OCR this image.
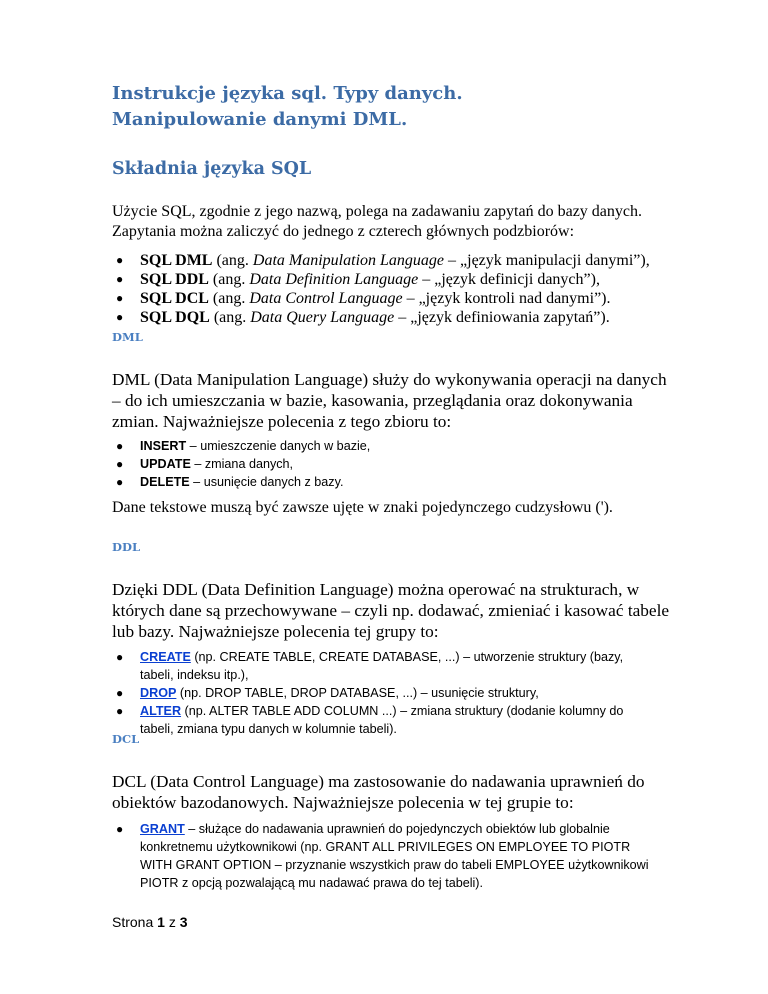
Instrukcje języka sql. Typy danych.
Manipulowanie danymi DML.
Składnia języka SQL
Użycie SQL, zgodnie z jego nazwą, polega na zadawaniu zapytań do bazy danych. Zapytania można zaliczyć do jednego z czterech głównych podzbiorów:
● SQL DML (ang. Data Manipulation Language – „język manipulacji danymi”),
● SQL DDL (ang. Data Definition Language – „język definicji danych”),
● SQL DCL (ang. Data Control Language – „język kontroli nad danymi”).
● SQL DQL (ang. Data Query Language – „język definiowania zapytań”).
DML
DML (Data Manipulation Language) służy do wykonywania operacji na danych – do ich umieszczania w bazie, kasowania, przeglądania oraz dokonywania zmian. Najważniejsze polecenia z tego zbioru to:
● INSERT – umieszczenie danych w bazie,
● UPDATE – zmiana danych,
● DELETE – usunięcie danych z bazy.
Dane tekstowe muszą być zawsze ujęte w znaki pojedynczego cudzysłowu (').
DDL
Dzięki DDL (Data Definition Language) można operować na strukturach, w których dane są przechowywane – czyli np. dodawać, zmieniać i kasować tabele lub bazy. Najważniejsze polecenia tej grupy to:
● CREATE (np. CREATE TABLE, CREATE DATABASE, ...) – utworzenie struktury (bazy, tabeli, indeksu itp.),
● DROP (np. DROP TABLE, DROP DATABASE, ...) – usunięcie struktury,
● ALTER (np. ALTER TABLE ADD COLUMN ...) – zmiana struktury (dodanie kolumny do tabeli, zmiana typu danych w kolumnie tabeli).
DCL
DCL (Data Control Language) ma zastosowanie do nadawania uprawnień do obiektów bazodanowych. Najważniejsze polecenia w tej grupie to:
● GRANT – służące do nadawania uprawnień do pojedynczych obiektów lub globalnie konkretnemu użytkownikowi (np. GRANT ALL PRIVILEGES ON EMPLOYEE TO PIOTR WITH GRANT OPTION – przyznanie wszystkich praw do tabeli EMPLOYEE użytkownikowi PIOTR z opcją pozwalającą mu nadawać prawa do tej tabeli).
Strona 1 z 3
